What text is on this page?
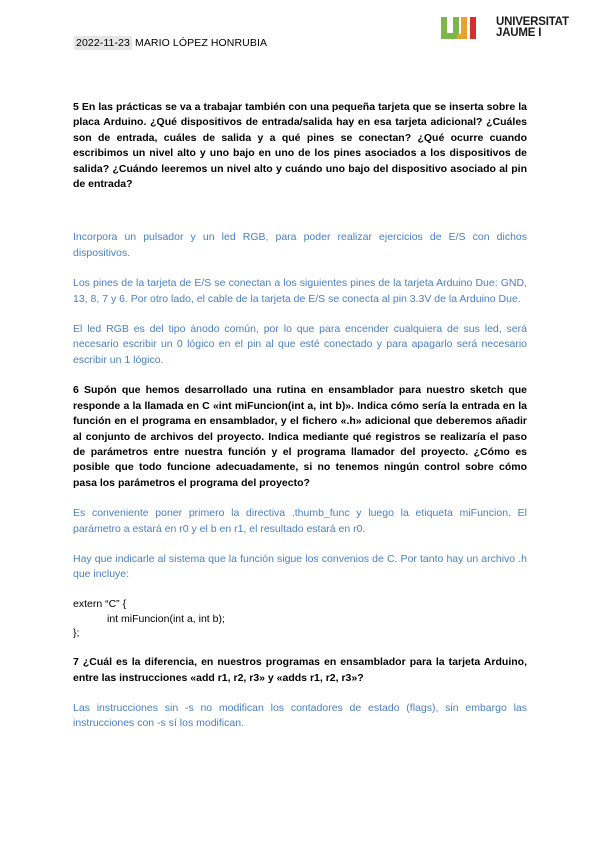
2022-11-23 MARIO LÓPEZ HONRUBIA
UNIVERSITAT
JAUME I

5 En las prácticas se va a trabajar también con una pequeña tarjeta que se inserta sobre la placa Arduino. ¿Qué dispositivos de entrada/salida hay en esa tarjeta adicional? ¿Cuáles son de entrada, cuáles de salida y a qué pines se conectan? ¿Qué ocurre cuando escribimos un nivel alto y uno bajo en uno de los pines asociados a los dispositivos de salida? ¿Cuándo leeremos un nivel alto y cuándo uno bajo del dispositivo asociado al pin de entrada?

Incorpora un pulsador y un led RGB, para poder realizar ejercicios de E/S con dichos dispositivos.

Los pines de la tarjeta de E/S se conectan a los siguientes pines de la tarjeta Arduino Due: GND, 13, 8, 7 y 6. Por otro lado, el cable de la tarjeta de E/S se conecta al pin 3.3V de la Arduino Due.

El led RGB es del tipo ánodo común, por lo que para encender cualquiera de sus led, será necesario escribir un 0 lógico en el pin al que esté conectado y para apagarlo será necesario escribir un 1 lógico.

6 Supón que hemos desarrollado una rutina en ensamblador para nuestro sketch que responde a la llamada en C «int miFuncion(int a, int b)». Indica cómo sería la entrada en la función en el programa en ensamblador, y el fichero «.h» adicional que deberemos añadir al conjunto de archivos del proyecto. Indica mediante qué registros se realizaría el paso de parámetros entre nuestra función y el programa llamador del proyecto. ¿Cómo es posible que todo funcione adecuadamente, si no tenemos ningún control sobre cómo pasa los parámetros el programa del proyecto?

Es conveniente poner primero la directiva .thumb_func y luego la etiqueta miFuncion. El parámetro a estará en r0 y el b en r1, el resultado estará en r0.

Hay que indicarle al sistema que la función sigue los convenios de C. Por tanto hay un archivo .h que incluye:

extern “C” {
int miFuncion(int a, int b);
};

7 ¿Cuál es la diferencia, en nuestros programas en ensamblador para la tarjeta Arduino, entre las instrucciones «add r1, r2, r3» y «adds r1, r2, r3»?

Las instrucciones sin -s no modifican los contadores de estado (flags), sin embargo las instrucciones con -s sí los modifican.
